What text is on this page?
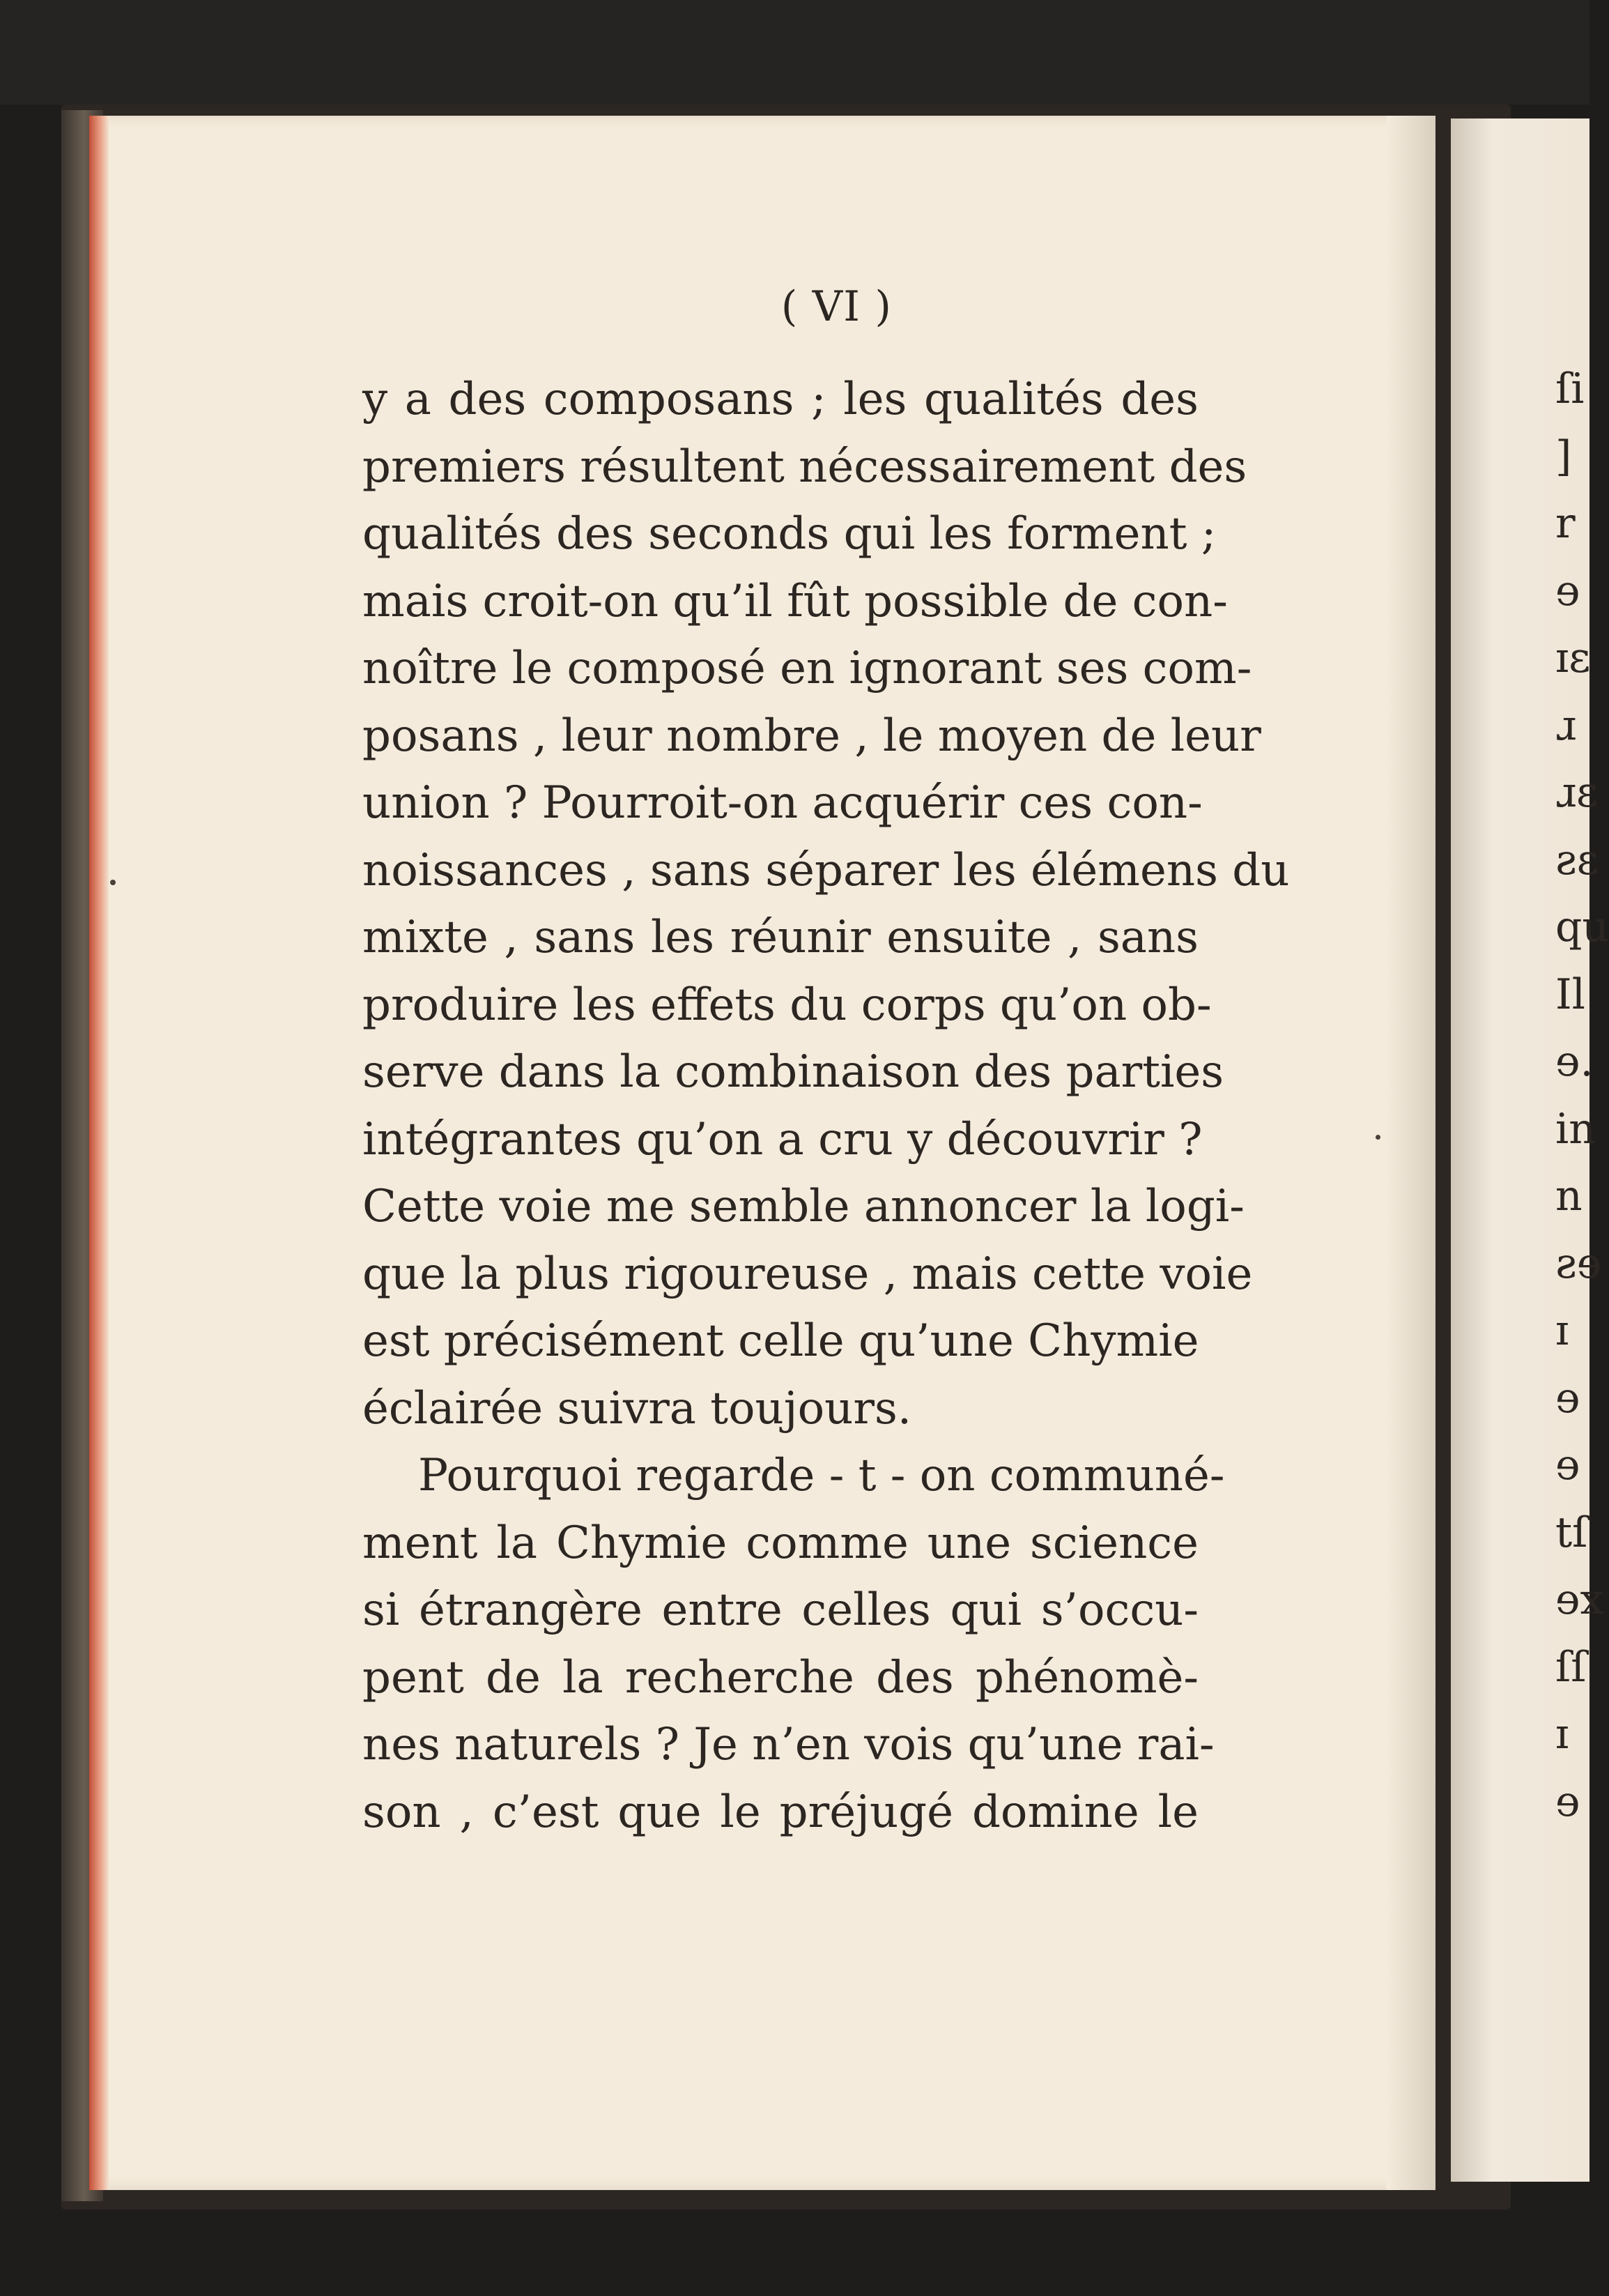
ſi
]
r
ɘ
ɪɛ
ɹ
ɹɛ
ƨɛ
qu
Il
ɘ.
in
n
ƨɘ
ɪ
ɘ
ɘ
tſ
ɘx
ſſ
ɪ
ɘ
( VI )
y a des composans ; les qualités des
premiers résultent nécessairement des
qualités des seconds qui les forment ;
mais croit-on qu’il fût possible de con-
noître le composé en ignorant ses com-
posans , leur nombre , le moyen de leur
union ? Pourroit-on acquérir ces con-
noissances , sans séparer les élémens du
mixte , sans les réunir ensuite , sans
produire les effets du corps qu’on ob-
serve dans la combinaison des parties
intégrantes qu’on a cru y découvrir ?
Cette voie me semble annoncer la logi-
que la plus rigoureuse , mais cette voie
est précisément celle qu’une Chymie
éclairée suivra toujours.
Pourquoi regarde - t - on communé-
ment la Chymie comme une science
si étrangère entre celles qui s’occu-
pent de la recherche des phénomè-
nes naturels ? Je n’en vois qu’une rai-
son , c’est que le préjugé domine le
